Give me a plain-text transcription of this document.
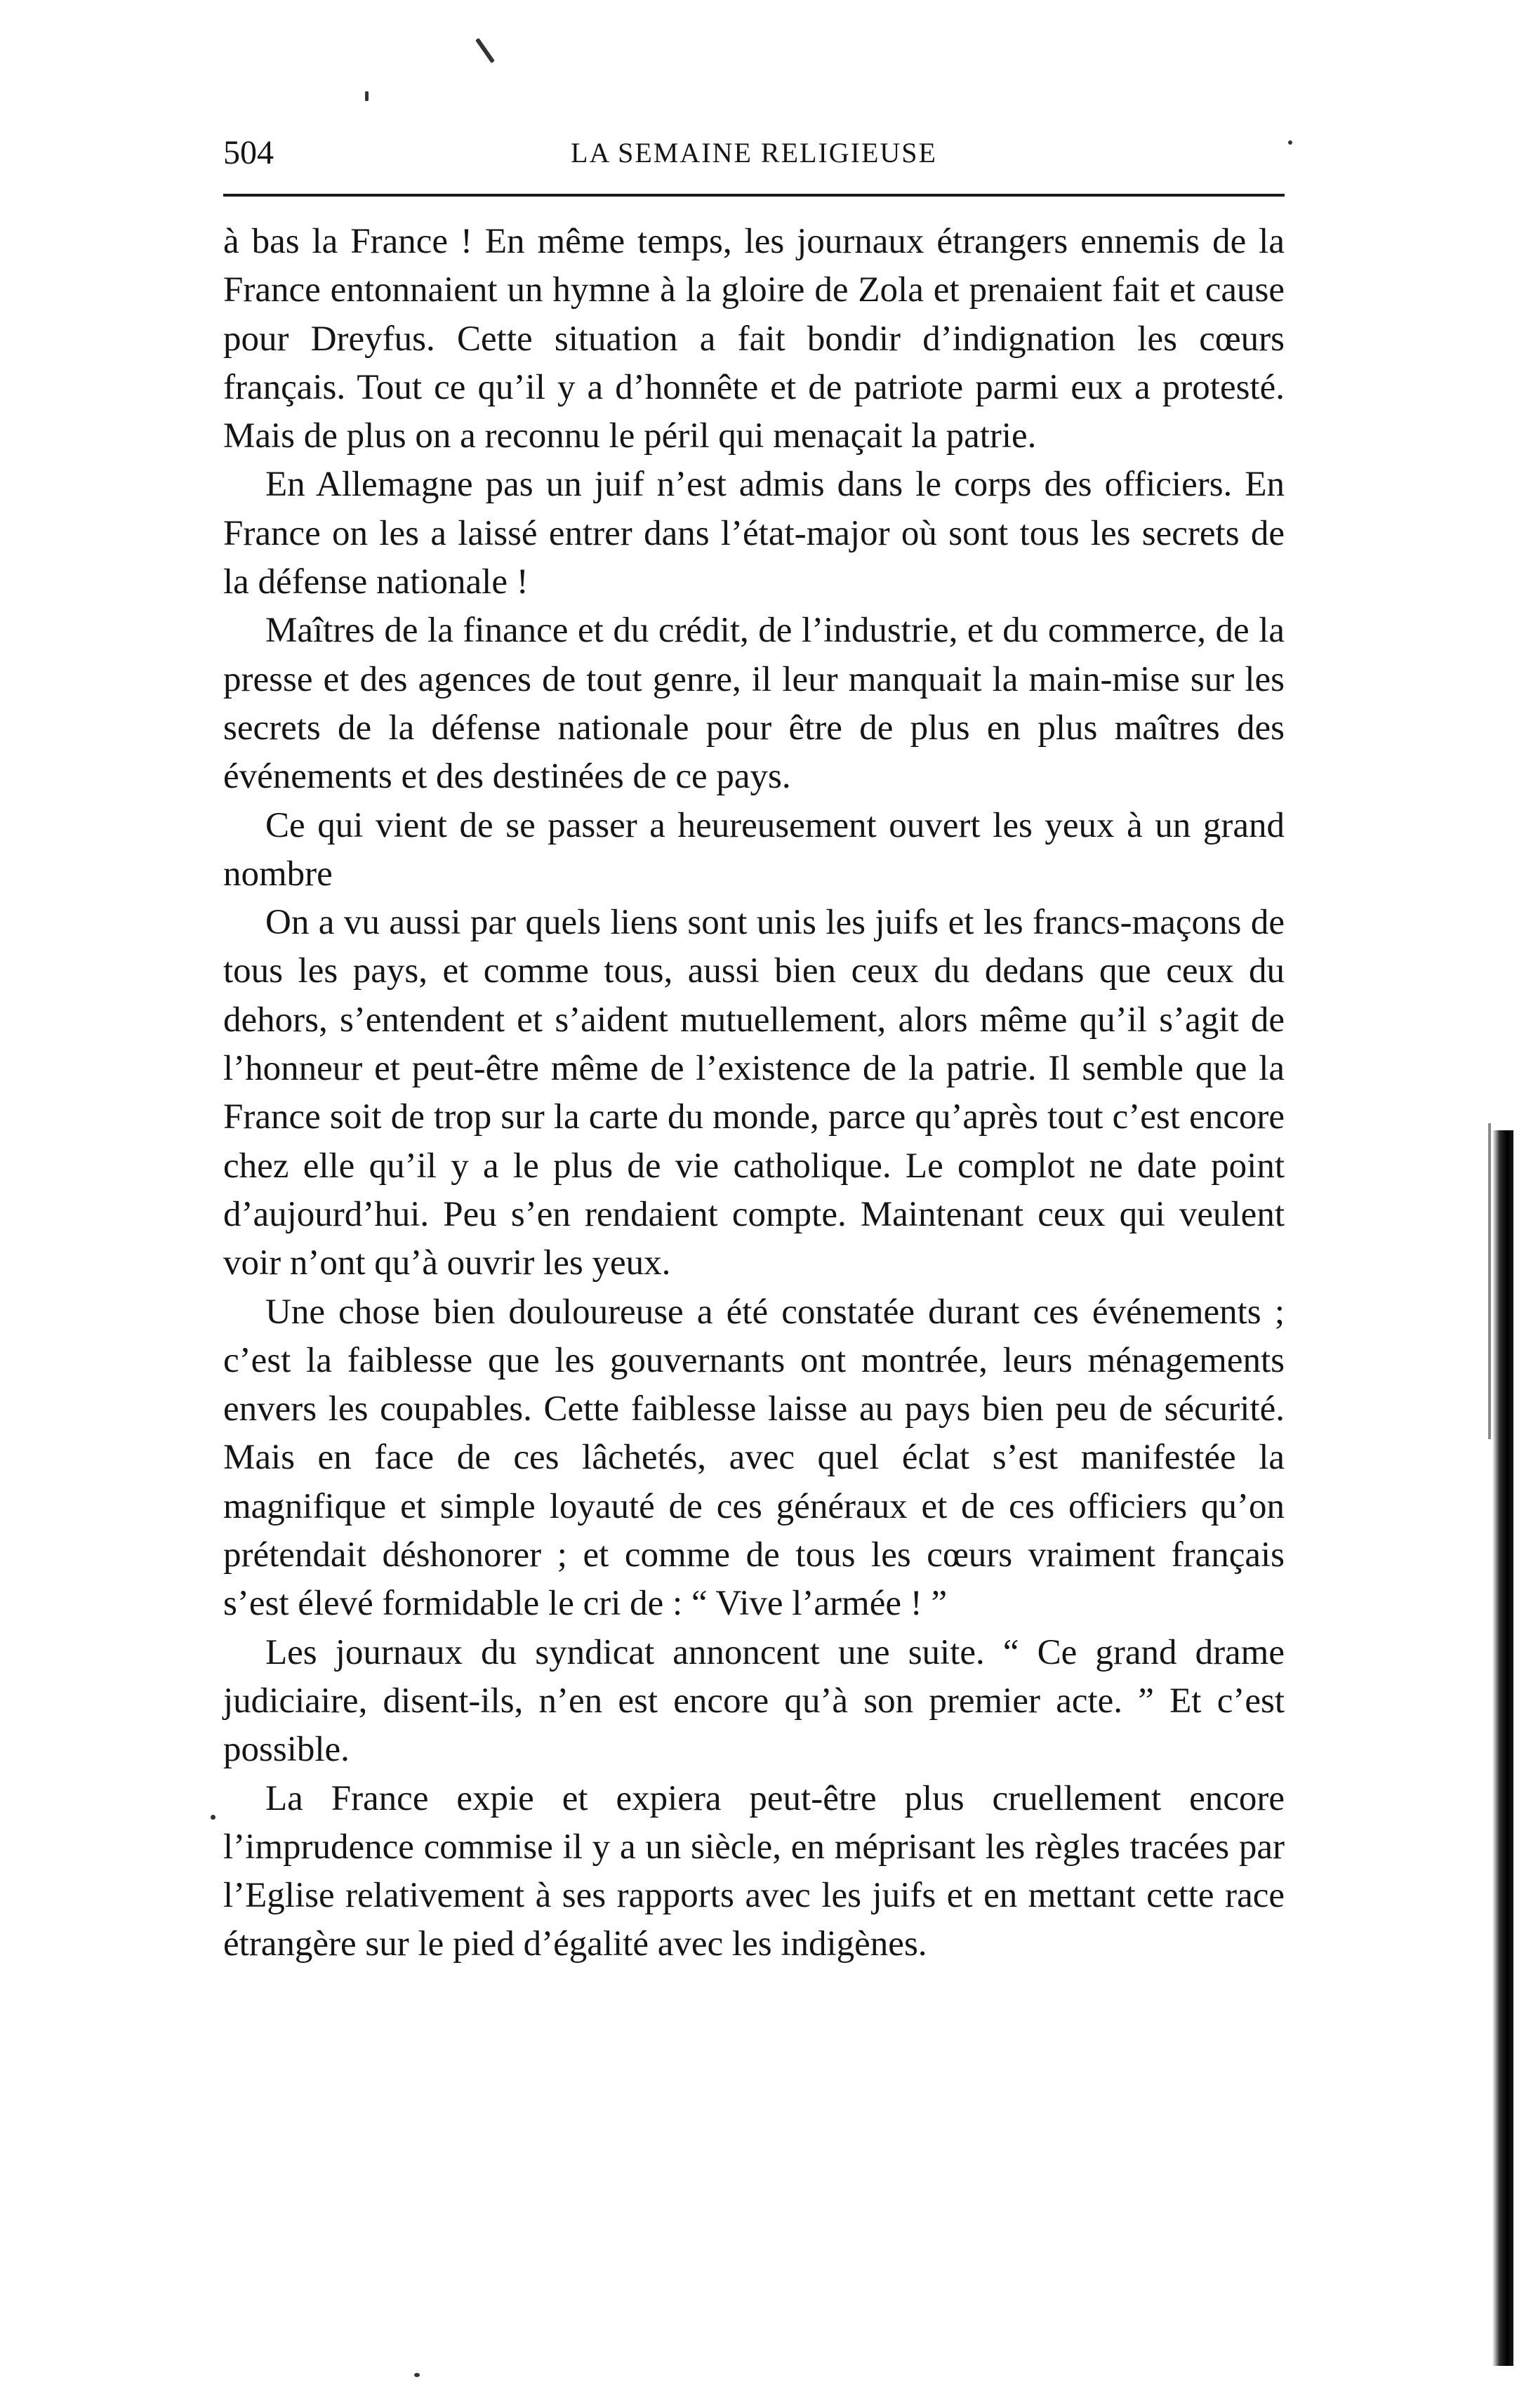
504	LA SEMAINE RELIGIEUSE

à bas la France ! En même temps, les journaux étrangers ennemis de la France entonnaient un hymne à la gloire de Zola et prenaient fait et cause pour Dreyfus. Cette situation a fait bondir d’indignation les cœurs français. Tout ce qu’il y a d’honnête et de patriote parmi eux a protesté. Mais de plus on a reconnu le péril qui menaçait la patrie.

En Allemagne pas un juif n’est admis dans le corps des officiers. En France on les a laissé entrer dans l’état-major où sont tous les secrets de la défense nationale !

Maîtres de la finance et du crédit, de l’industrie, et du commerce, de la presse et des agences de tout genre, il leur manquait la main-mise sur les secrets de la défense nationale pour être de plus en plus maîtres des événements et des destinées de ce pays.

Ce qui vient de se passer a heureusement ouvert les yeux à un grand nombre

On a vu aussi par quels liens sont unis les juifs et les francs-maçons de tous les pays, et comme tous, aussi bien ceux du dedans que ceux du dehors, s’entendent et s’aident mutuellement, alors même qu’il s’agit de l’honneur et peut-être même de l’existence de la patrie. Il semble que la France soit de trop sur la carte du monde, parce qu’après tout c’est encore chez elle qu’il y a le plus de vie catholique. Le complot ne date point d’aujourd’hui. Peu s’en rendaient compte. Maintenant ceux qui veulent voir n’ont qu’à ouvrir les yeux.

Une chose bien douloureuse a été constatée durant ces événements ; c’est la faiblesse que les gouvernants ont montrée, leurs ménagements envers les coupables. Cette faiblesse laisse au pays bien peu de sécurité. Mais en face de ces lâchetés, avec quel éclat s’est manifestée la magnifique et simple loyauté de ces généraux et de ces officiers qu’on prétendait déshonorer ; et comme de tous les cœurs vraiment français s’est élevé formidable le cri de : “ Vive l’armée ! ”

Les journaux du syndicat annoncent une suite. “ Ce grand drame judiciaire, disent-ils, n’en est encore qu’à son premier acte. ” Et c’est possible.

La France expie et expiera peut-être plus cruellement encore l’imprudence commise il y a un siècle, en méprisant les règles tracées par l’Eglise relativement à ses rapports avec les juifs et en mettant cette race étrangère sur le pied d’égalité avec les indigènes.
